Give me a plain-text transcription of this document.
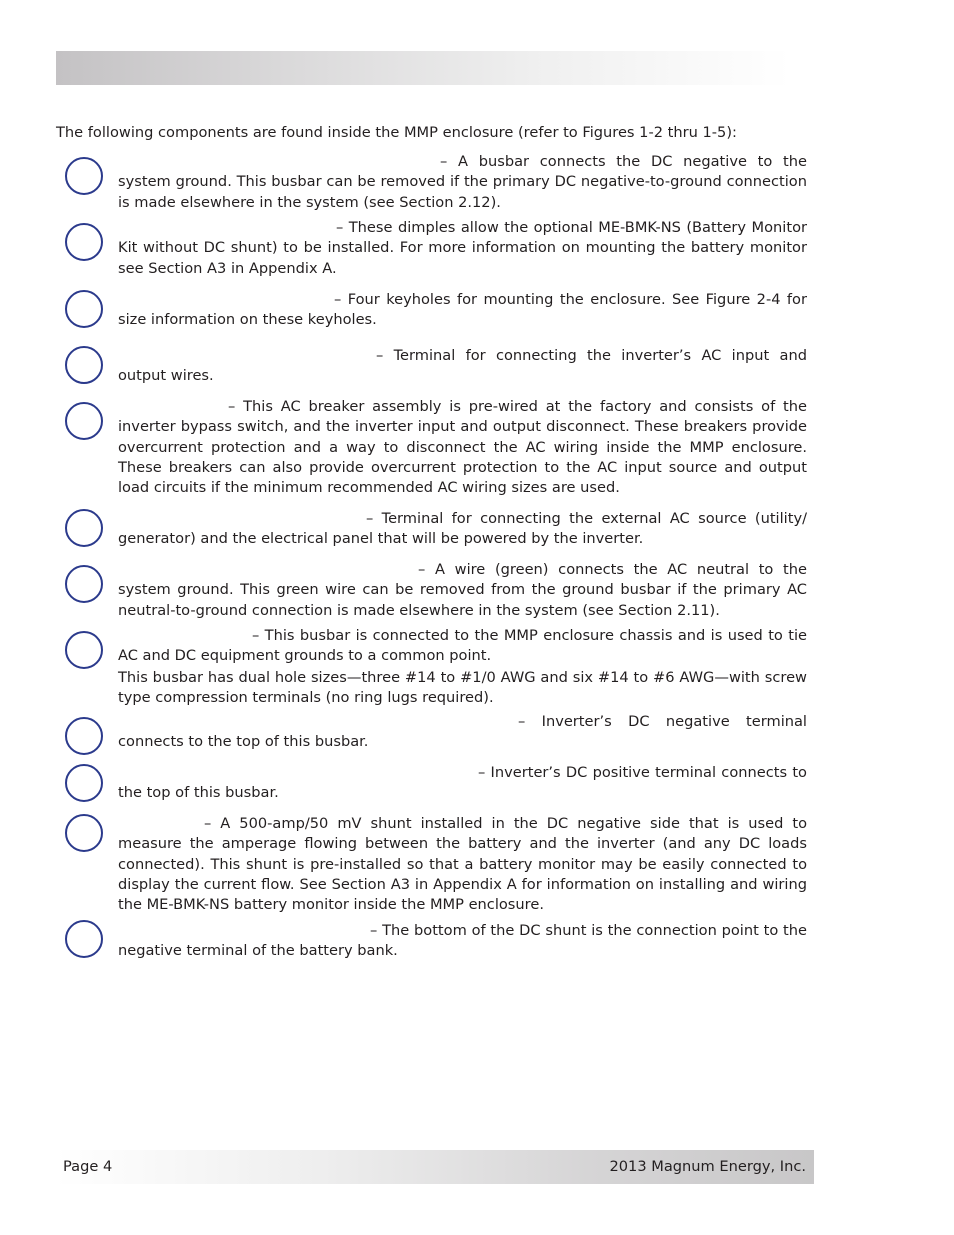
The following components are found inside the MMP enclosure (refer to Figures 1-2 thru 1-5):

– A busbar connects the DC negative to the system ground. This busbar can be removed if the primary DC negative-to-ground connection is made elsewhere in the system (see Section 2.12).
– These dimples allow the optional ME-BMK-NS (Battery Monitor Kit without DC shunt) to be installed. For more information on mounting the battery monitor see Section A3 in Appendix A.
– Four keyholes for mounting the enclosure. See Figure 2-4 for size information on these keyholes.
– Terminal for connecting the inverter’s AC input and output wires.
– This AC breaker assembly is pre-wired at the factory and consists of the inverter bypass switch, and the inverter input and output disconnect. These breakers provide overcurrent protection and a way to disconnect the AC wiring inside the MMP enclosure. These breakers can also provide overcurrent protection to the AC input source and output load circuits if the minimum recommended AC wiring sizes are used.
– Terminal for connecting the external AC source (utility/ generator) and the electrical panel that will be powered by the inverter.
– A wire (green) connects the AC neutral to the system ground. This green wire can be removed from the ground busbar if the primary AC neutral-to-ground connection is made elsewhere in the system (see Section 2.11).

– This busbar is connected to the MMP enclosure chassis and is used to tie AC and DC equipment grounds to a common point.

This busbar has dual hole sizes—three #14 to #1/0 AWG and six #14 to #6 AWG—with screw type compression terminals (no ring lugs required).

– Inverter’s DC negative terminal connects to the top of this busbar.
– Inverter’s DC positive terminal connects to the top of this busbar.
– A 500-amp/50 mV shunt installed in the DC negative side that is used to measure the amperage flowing between the battery and the inverter (and any DC loads connected). This shunt is pre-installed so that a battery monitor may be easily connected to display the current flow. See Section A3 in Appendix A for information on installing and wiring the ME-BMK-NS battery monitor inside the MMP enclosure.
– The bottom of the DC shunt is the connection point to the negative terminal of the battery bank.
Page 4	2013 Magnum Energy, Inc.
